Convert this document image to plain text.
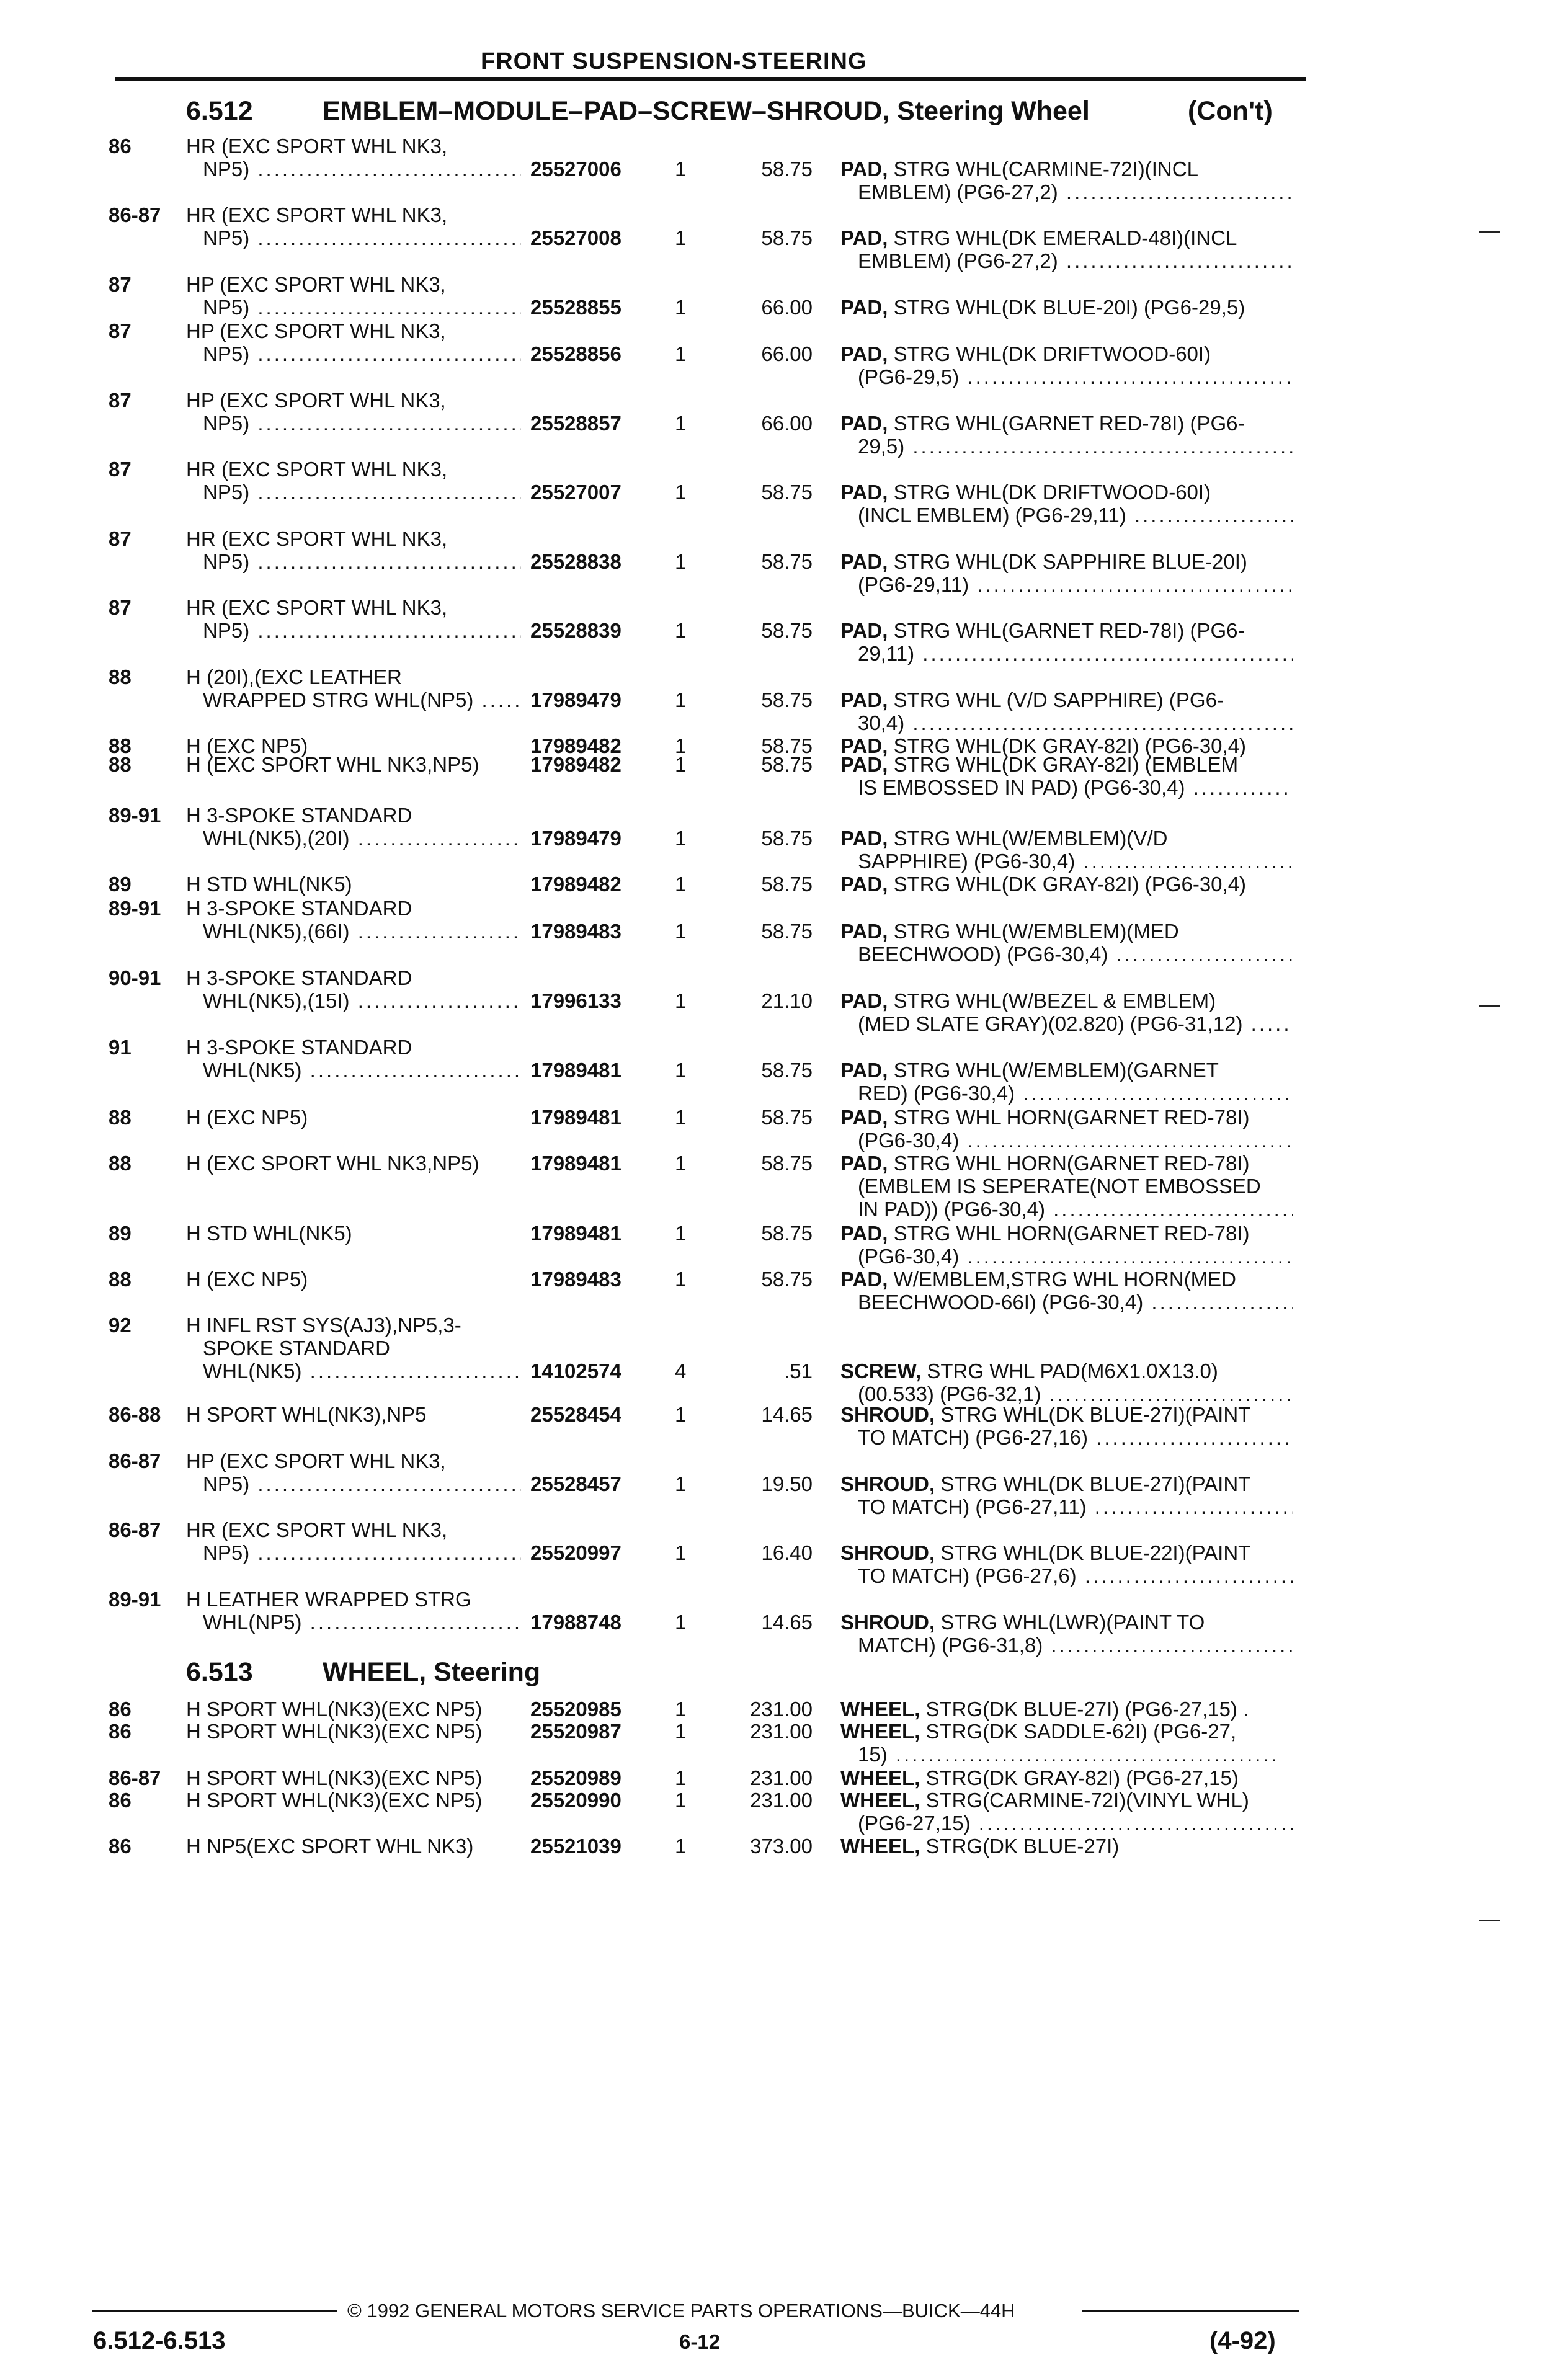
FRONT SUSPENSION-STEERING
6.512	EMBLEM–MODULE–PAD–SCREW–SHROUD, Steering Wheel	(Con't)
86	HR (EXC SPORT WHL NK3,
NP5) .....	25527006	1	58.75 PAD, STRG WHL(CARMINE-72I)(INCL
EMBLEM) (PG6-27,2) .....
86-87 HR (EXC SPORT WHL NK3,
NP5) .....	25527008	1	58.75 PAD, STRG WHL(DK EMERALD-48I)(INCL
EMBLEM) (PG6-27,2) .....
87	HP (EXC SPORT WHL NK3,
NP5) .....	25528855	1	66.00 PAD, STRG WHL(DK BLUE-20I) (PG6-29,5)
87	HP (EXC SPORT WHL NK3,
NP5) .....	25528856	1	66.00 PAD, STRG WHL(DK DRIFTWOOD-60I)
(PG6-29,5) .....
87	HP (EXC SPORT WHL NK3,
NP5) .....	25528857	1	66.00 PAD, STRG WHL(GARNET RED-78I) (PG6-
29,5) .....
87	HR (EXC SPORT WHL NK3,
NP5) .....	25527007	1	58.75 PAD, STRG WHL(DK DRIFTWOOD-60I)
(INCL EMBLEM) (PG6-29,11) .....
87	HR (EXC SPORT WHL NK3,
NP5) .....	25528838	1	58.75 PAD, STRG WHL(DK SAPPHIRE BLUE-20I)
(PG6-29,11) .....
87	HR (EXC SPORT WHL NK3,
NP5) .....	25528839	1	58.75 PAD, STRG WHL(GARNET RED-78I) (PG6-
29,11) .....
88	H (20I),(EXC LEATHER
WRAPPED STRG WHL(NP5) .....	17989479	1	58.75 PAD, STRG WHL (V/D SAPPHIRE) (PG6-
30,4) .....
88	H (EXC NP5)	17989482	1	58.75 PAD, STRG WHL(DK GRAY-82I) (PG6-30,4)
88	H (EXC SPORT WHL NK3,NP5)	17989482	1	58.75 PAD, STRG WHL(DK GRAY-82I) (EMBLEM
IS EMBOSSED IN PAD) (PG6-30,4) .....
89-91 H 3-SPOKE STANDARD
WHL(NK5),(20I) .....	17989479	1	58.75 PAD, STRG WHL(W/EMBLEM)(V/D
SAPPHIRE) (PG6-30,4) .....
89	H STD WHL(NK5)	17989482	1	58.75 PAD, STRG WHL(DK GRAY-82I) (PG6-30,4)
89-91 H 3-SPOKE STANDARD
WHL(NK5),(66I) .....	17989483	1	58.75 PAD, STRG WHL(W/EMBLEM)(MED
BEECHWOOD) (PG6-30,4) .....
90-91 H 3-SPOKE STANDARD
WHL(NK5),(15I) .....	17996133	1	21.10 PAD, STRG WHL(W/BEZEL & EMBLEM)
(MED SLATE GRAY)(02.820) (PG6-31,12) .....
91	H 3-SPOKE STANDARD
WHL(NK5) .....	17989481	1	58.75 PAD, STRG WHL(W/EMBLEM)(GARNET
RED) (PG6-30,4) .....
88	H (EXC NP5)	17989481	1	58.75 PAD, STRG WHL HORN(GARNET RED-78I)
(PG6-30,4) .....
88	H (EXC SPORT WHL NK3,NP5)	17989481	1	58.75 PAD, STRG WHL HORN(GARNET RED-78I)
(EMBLEM IS SEPERATE(NOT EMBOSSED
IN PAD)) (PG6-30,4) .....
89	H STD WHL(NK5)	17989481	1	58.75 PAD, STRG WHL HORN(GARNET RED-78I)
(PG6-30,4) .....
88	H (EXC NP5)	17989483	1	58.75 PAD, W/EMBLEM,STRG WHL HORN(MED
BEECHWOOD-66I) (PG6-30,4) .....
92	H INFL RST SYS(AJ3),NP5,3-
SPOKE STANDARD
WHL(NK5) .....	14102574	4	.51 SCREW, STRG WHL PAD(M6X1.0X13.0)
(00.533) (PG6-32,1) .....
86-88 H SPORT WHL(NK3),NP5	25528454	1	14.65 SHROUD, STRG WHL(DK BLUE-27I)(PAINT
TO MATCH) (PG6-27,16) .....
86-87 HP (EXC SPORT WHL NK3,
NP5) .....	25528457	1	19.50 SHROUD, STRG WHL(DK BLUE-27I)(PAINT
TO MATCH) (PG6-27,11) .....
86-87 HR (EXC SPORT WHL NK3,
NP5) .....	25520997	1	16.40 SHROUD, STRG WHL(DK BLUE-22I)(PAINT
TO MATCH) (PG6-27,6) .....
89-91 H LEATHER WRAPPED STRG
WHL(NP5) .....	17988748	1	14.65 SHROUD, STRG WHL(LWR)(PAINT TO
MATCH) (PG6-31,8) .....
6.513	WHEEL, Steering
86	H SPORT WHL(NK3)(EXC NP5)	25520985	1	231.00 WHEEL, STRG(DK BLUE-27I) (PG6-27,15) .
86	H SPORT WHL(NK3)(EXC NP5)	25520987	1	231.00 WHEEL, STRG(DK SADDLE-62I) (PG6-27,
15) .....
86-87 H SPORT WHL(NK3)(EXC NP5)	25520989	1	231.00 WHEEL, STRG(DK GRAY-82I) (PG6-27,15)
86	H SPORT WHL(NK3)(EXC NP5)	25520990	1	231.00 WHEEL, STRG(CARMINE-72I)(VINYL WHL)
(PG6-27,15) .....
86	H NP5(EXC SPORT WHL NK3)	25521039	1	373.00 WHEEL, STRG(DK BLUE-27I)
© 1992 GENERAL MOTORS SERVICE PARTS OPERATIONS—BUICK—44H
6.512-6.513	6-12	(4-92)
